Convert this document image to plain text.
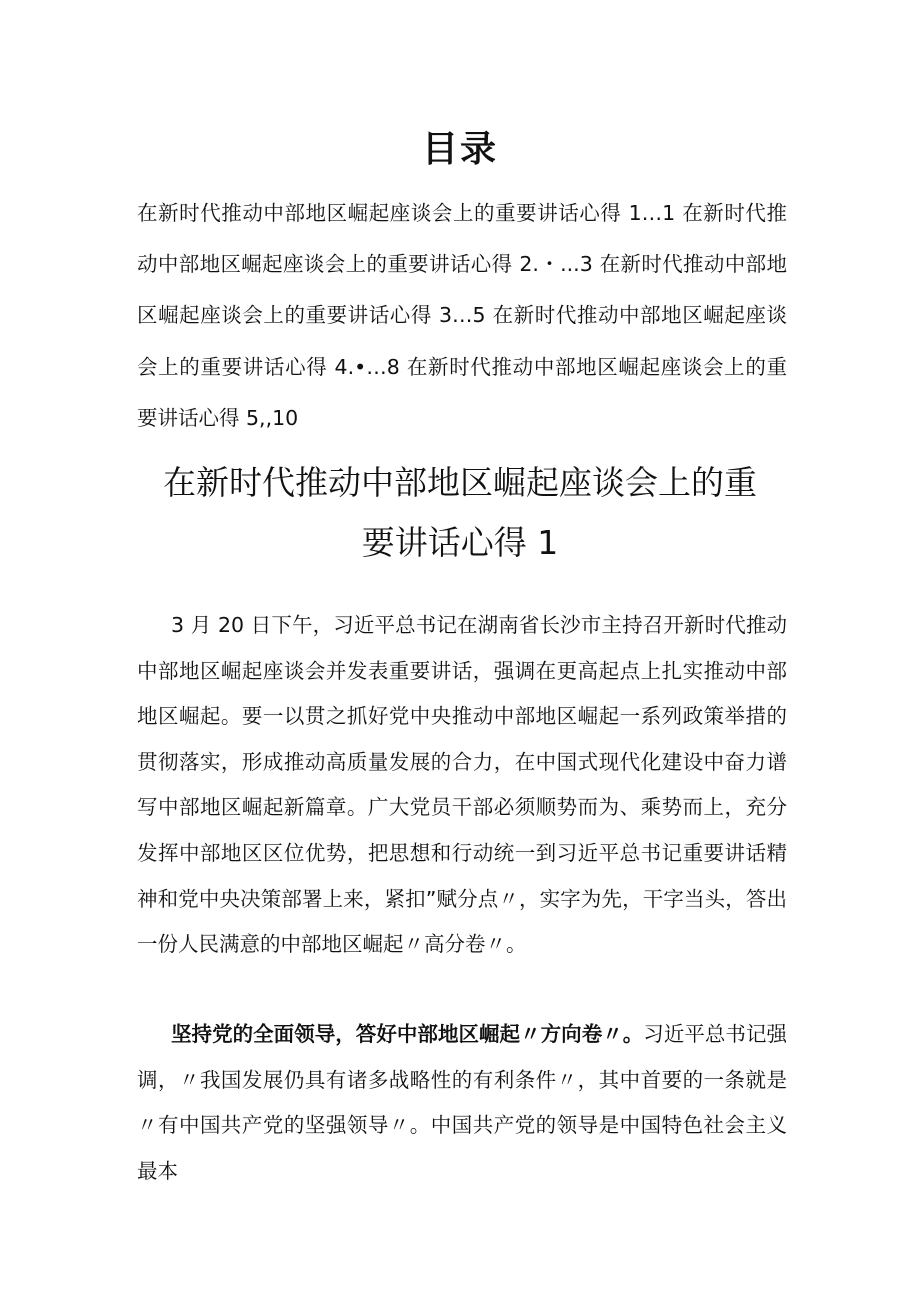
目录
在新时代推动中部地区崛起座谈会上的重要讲话心得 1…1 在新时代推动中部地区崛起座谈会上的重要讲话心得 2.・...3 在新时代推动中部地区崛起座谈会上的重要讲话心得 3…5 在新时代推动中部地区崛起座谈会上的重要讲话心得 4.•…8 在新时代推动中部地区崛起座谈会上的重要讲话心得 5,,10
在新时代推动中部地区崛起座谈会上的重
要讲话心得 1
3 月 20 日下午，习近平总书记在湖南省长沙市主持召开新时代推动中部地区崛起座谈会并发表重要讲话，强调在更高起点上扎实推动中部地区崛起。要一以贯之抓好党中央推动中部地区崛起一系列政策举措的贯彻落实，形成推动高质量发展的合力，在中国式现代化建设中奋力谱写中部地区崛起新篇章。广大党员干部必须顺势而为、乘势而上，充分发挥中部地区区位优势，把思想和行动统一到习近平总书记重要讲话精神和党中央决策部署上来，紧扣”赋分点〃，实字为先，干字当头，答出一份人民满意的中部地区崛起〃高分卷〃。
坚持党的全面领导，答好中部地区崛起〃方向卷〃。习近平总书记强调，〃我国发展仍具有诸多战略性的有利条件〃，其中首要的一条就是〃有中国共产党的坚强领导〃。中国共产党的领导是中国特色社会主义最本
